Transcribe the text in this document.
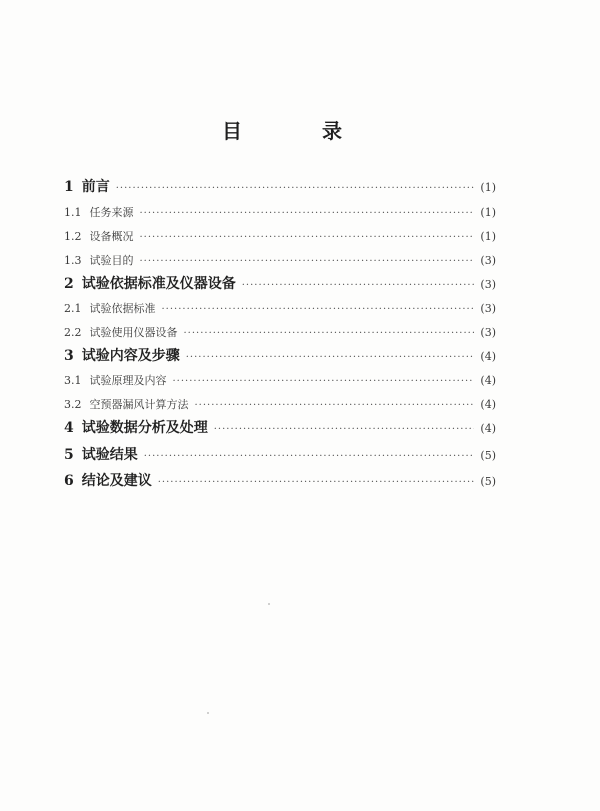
目	录
1 前言 ·····	(1)
1.1 任务来源 ·····	(1)
1.2 设备概况 ·····	(1)
1.3 试验目的 ·····	(3)
2 试验依据标准及仪器设备 ·····	(3)
2.1 试验依据标准 ·····	(3)
2.2 试验使用仪器设备 ·····	(3)
3 试验内容及步骤 ·····	(4)
3.1 试验原理及内容 ·····	(4)
3.2 空预器漏风计算方法 ·····	(4)
4 试验数据分析及处理 ·····	(4)
5 试验结果 ·····	(5)
6 结论及建议 ·····	(5)
